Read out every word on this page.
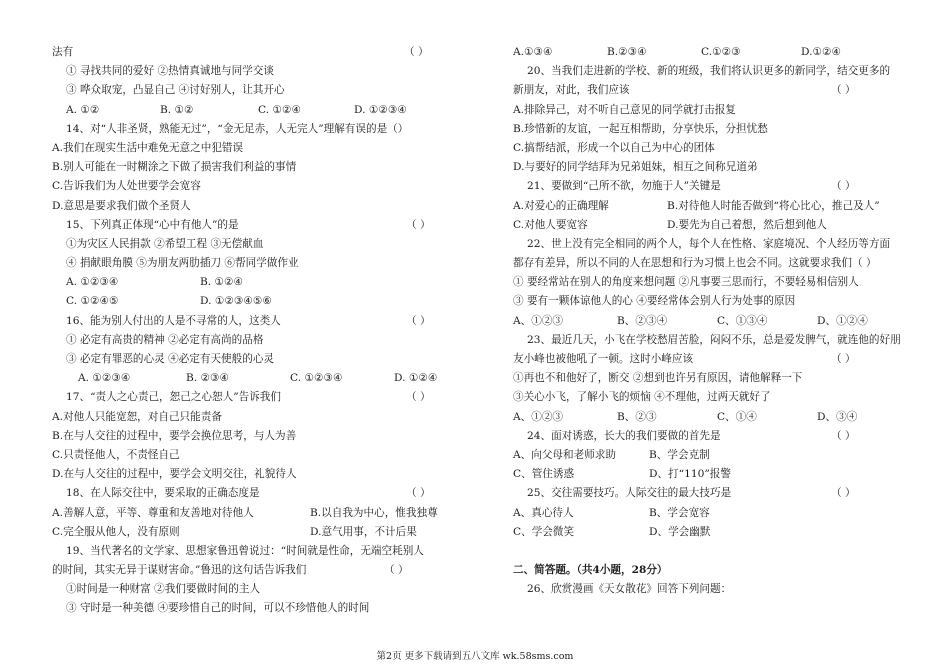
法有	（ ）
① 寻找共同的爱好 ②热情真诚地与同学交谈
③ 哗众取宠，凸显自己 ④讨好别人，让其开心
A. ①②	B. ①②	C. ①②④	D. ①②③④
14、对“人非圣贤，熟能无过”，“金无足赤，人无完人”理解有误的是（）
A.我们在现实生活中难免无意之中犯错误
B.别人可能在一时糊涂之下做了损害我们利益的事情
C.告诉我们为人处世要学会宽容
D.意思是要求我们做个圣贤人
15、下列真正体现“心中有他人”的是	（ ）
①为灾区人民捐款 ②希望工程 ③无偿献血
④ 捐献眼角膜 ⑤为朋友两肋插刀 ⑥帮同学做作业
A. ①②③④	B. ①②④
C. ①②④⑤	D. ①②③④⑤⑥
16、能为别人付出的人是不寻常的人，这类人	（ ）
① 必定有高贵的精神 ②必定有高尚的品格
③ 必定有罪恶的心灵 ④必定有天使般的心灵
A. ①②③④	B. ②③④	C. ①②③④	D. ①②④
17、“责人之心责己，恕己之心恕人”告诉我们	（ ）
A.对他人只能宽恕，对自己只能责备
B.在与人交往的过程中，要学会换位思考，与人为善
C.只责怪他人，不责怪自己
D.在与人交往的过程中，要学会文明交往，礼貌待人
18、在人际交往中，要采取的正确态度是	（ ）
A.善解人意，平等、尊重和友善地对待他人	B.以自我为中心，惟我独尊
C.完全服从他人，没有原则	D.意气用事，不计后果
19、当代著名的文学家、思想家鲁迅曾说过：“时间就是性命，无端空耗别人
的时间，其实无异于谋财害命。”鲁迅的这句话告诉我们	（ ）
①时间是一种财富 ②我们要做时间的主人
③ 守时是一种美德 ④要珍惜自己的时间，可以不珍惜他人的时间
A.①③④	B.②③④	C.①②③	D.①②④
20、当我们走进新的学校、新的班级，我们将认识更多的新同学，结交更多的
新朋友，对此，我们应该	（ ）
A.排除异己，对不听自己意见的同学就打击报复
B.珍惜新的友谊，一起互相帮助，分享快乐，分担忧愁
C.搞帮结派，形成一个以自己为中心的团体
D.与要好的同学结拜为兄弟姐妹，相互之间称兄道弟
21、要做到“己所不欲，勿施于人”关键是	（ ）
A.对爱心的正确理解	B.对待他人时能否做到“将心比心，推己及人”
C.对他人要宽容	D.要先为自己着想，然后想到他人
22、世上没有完全相同的两个人，每个人在性格、家庭境况、个人经历等方面
都存有差异，所以不同的人在思想和行为习惯上也会不同。这就要求我们（ ）
① 要经常站在别人的角度来想问题 ②凡事要三思而行，不要轻易相信别人
③ 要有一颗体谅他人的心 ④要经常体会别人行为处事的原因
A、①②③	B、②③④	C、①③④	D、①②④
23、最近几天，小飞在学校愁眉苦脸，闷闷不乐，总是爱发脾气，就连他的好朋
友小峰也被他吼了一顿。这时小峰应该	（ ）
①再也不和他好了，断交 ②想到也许另有原因，请他解释一下
③关心小飞，了解小飞的烦恼 ④不理他，过两天就好了
A、①②③	B、②③	C、①④	D、③④
24、面对诱惑，长大的我们要做的首先是	（ ）
A、向父母和老师求助	B、学会克制
C、管住诱惑	D、打“110”报警
25、交往需要技巧。人际交往的最大技巧是	（ ）
A、真心待人	B、学会宽容
C、学会微笑	D、学会幽默
二、简答题。（共4小题，28分）
26、欣赏漫画《天女散花》回答下列问题：
第2页 更多下载请到五八文库 wk.58sms.com
